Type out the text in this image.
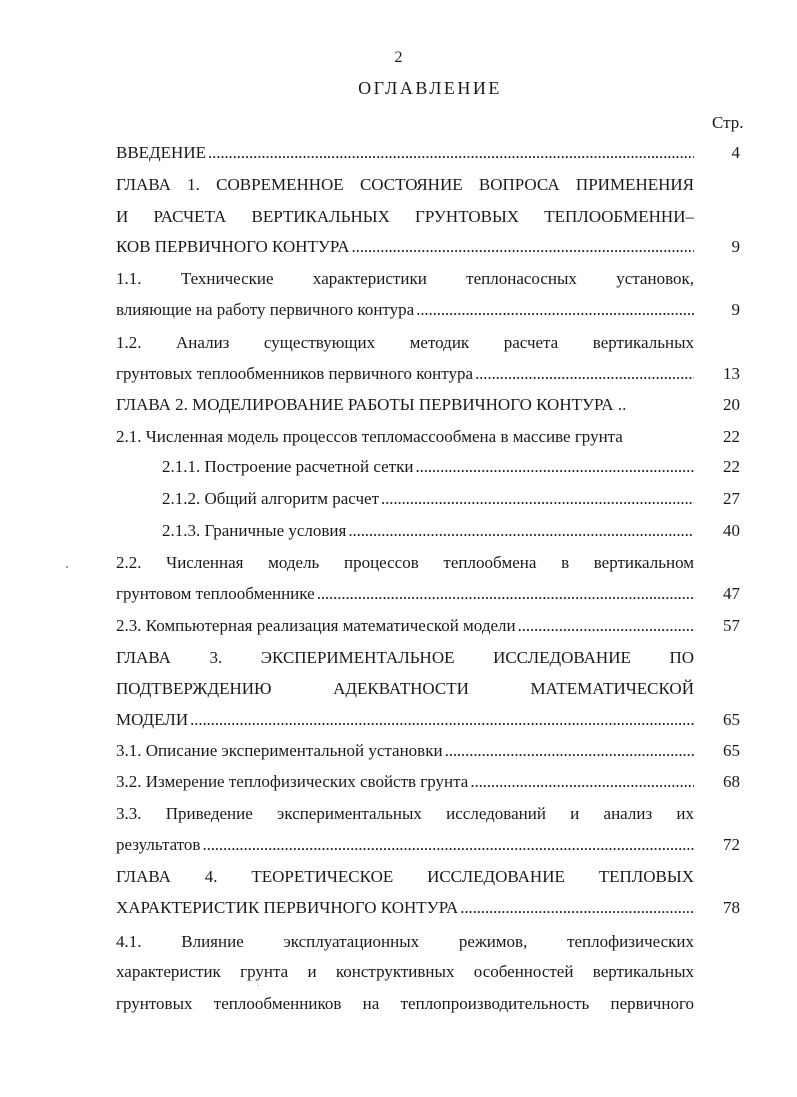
2
ОГЛАВЛЕНИЕ
Стр.
ВВЕДЕНИЕ . . .	4
ГЛАВА 1. СОВРЕМЕННОЕ СОСТОЯНИЕ ВОПРОСА ПРИМЕНЕНИЯ
И РАСЧЕТА ВЕРТИКАЛЬНЫХ ГРУНТОВЫХ ТЕПЛООБМЕННИ–
КОВ ПЕРВИЧНОГО КОНТУРА . . .	9
1.1. Технические характеристики теплонасосных установок,
влияющие на работу первичного контура . . .	9
1.2. Анализ существующих методик расчета вертикальных
грунтовых теплообменников первичного контура . . .	13
ГЛАВА 2. МОДЕЛИРОВАНИЕ РАБОТЫ ПЕРВИЧНОГО КОНТУРА ..	20
2.1. Численная модель процессов тепломассообмена в массиве грунта	22
2.1.1. Построение расчетной сетки . . .	22
2.1.2. Общий алгоритм расчет . . .	27
2.1.3. Граничные условия . . .	40
2.2. Численная модель процессов теплообмена в вертикальном
грунтовом теплообменнике . . .	47
2.3. Компьютерная реализация математической модели . . .	57
ГЛАВА 3. ЭКСПЕРИМЕНТАЛЬНОЕ ИССЛЕДОВАНИЕ ПО
ПОДТВЕРЖДЕНИЮ АДЕКВАТНОСТИ МАТЕМАТИЧЕСКОЙ
МОДЕЛИ . . .	65
3.1. Описание экспериментальной установки . . .	65
3.2. Измерение теплофизических свойств грунта . . .	68
3.3. Приведение экспериментальных исследований и анализ их
результатов . . .	72
ГЛАВА 4. ТЕОРЕТИЧЕСКОЕ ИССЛЕДОВАНИЕ ТЕПЛОВЫХ
ХАРАКТЕРИСТИК ПЕРВИЧНОГО КОНТУРА . . .	78
4.1. Влияние эксплуатационных режимов, теплофизических
характеристик грунта и конструктивных особенностей вертикальных
грунтовых теплообменников на теплопроизводительность первичного
